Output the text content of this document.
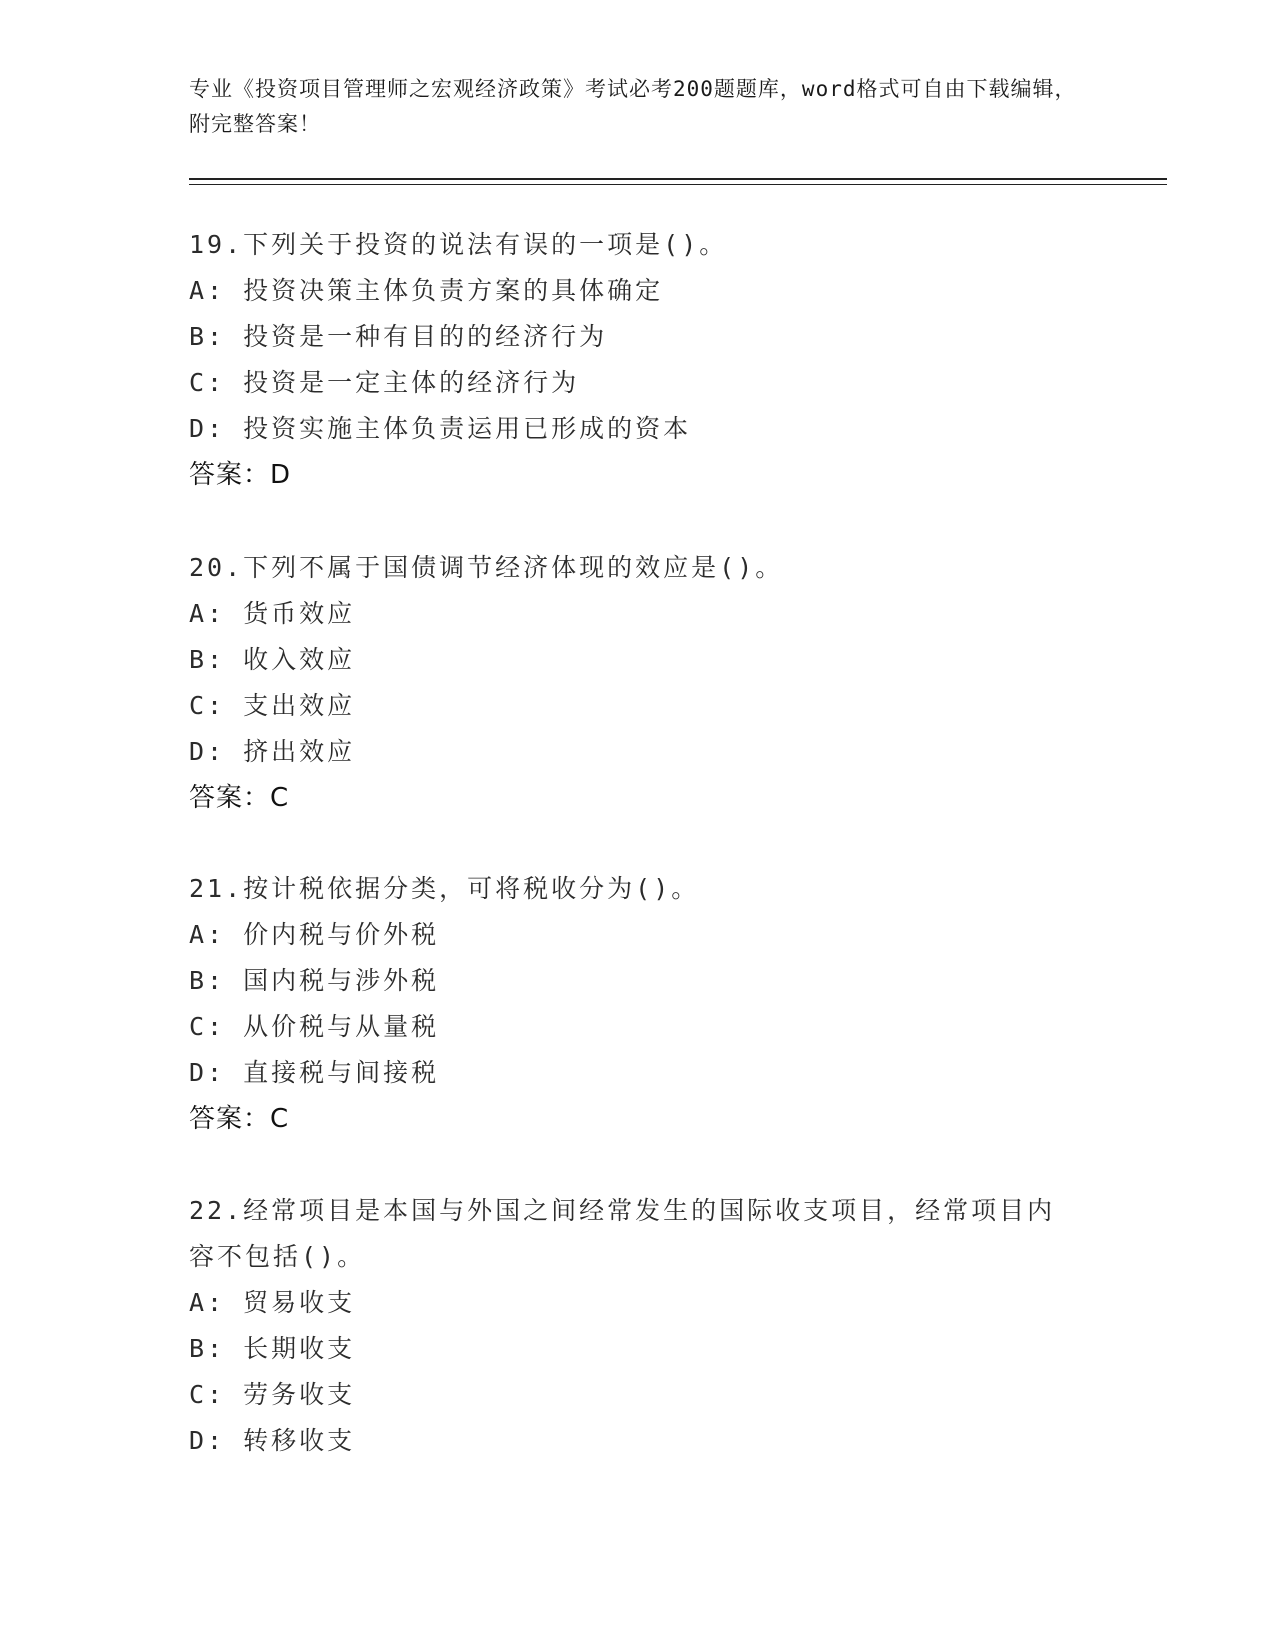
专业《投资项目管理师之宏观经济政策》考试必考200题题库，word格式可自由下载编辑，附完整答案！
19.下列关于投资的说法有误的一项是()。
A: 投资决策主体负责方案的具体确定
B: 投资是一种有目的的经济行为
C: 投资是一定主体的经济行为
D: 投资实施主体负责运用已形成的资本
答案：D
20.下列不属于国债调节经济体现的效应是()。
A: 货币效应
B: 收入效应
C: 支出效应
D: 挤出效应
答案：C
21.按计税依据分类，可将税收分为()。
A: 价内税与价外税
B: 国内税与涉外税
C: 从价税与从量税
D: 直接税与间接税
答案：C
22.经常项目是本国与外国之间经常发生的国际收支项目，经常项目内
容不包括()。
A: 贸易收支
B: 长期收支
C: 劳务收支
D: 转移收支
